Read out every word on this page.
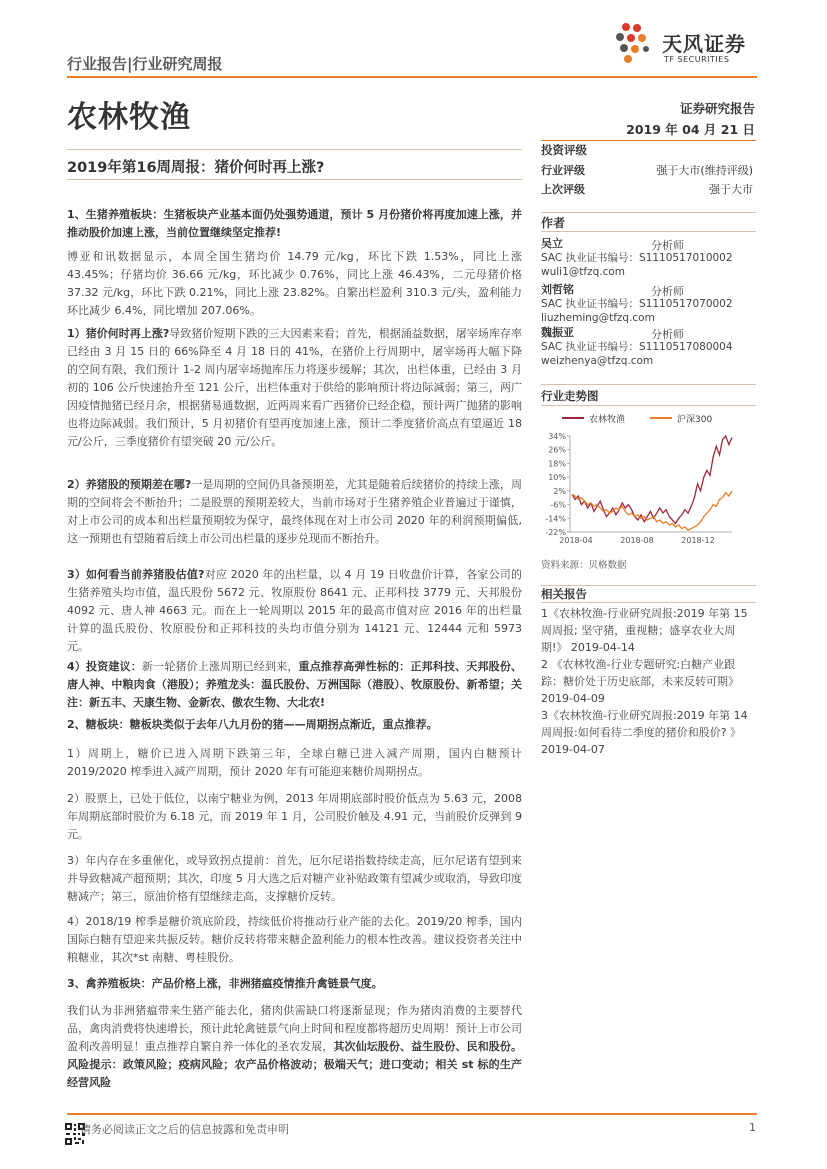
行业报告|行业研究周报
天风证券
TF SECURITIES
农林牧渔	证券研究报告
2019 年 04 月 21 日
2019年第16周周报：猪价何时再上涨?

1、生猪养殖板块：生猪板块产业基本面仍处强势通道，预计 5 月份猪价将再度加速上涨，并推动股价加速上涨，当前位置继续坚定推荐!

博亚和讯数据显示，本周全国生猪均价 14.79 元/kg，环比下跌 1.53%，同比上涨 43.45%；仔猪均价 36.66 元/kg，环比减少 0.76%，同比上涨 46.43%，二元母猪价格 37.32 元/kg，环比下跌 0.21%，同比上涨 23.82%。自繁出栏盈利 310.3 元/头，盈利能力环比减少 6.4%，同比增加 207.06%。

1）猪价何时再上涨?导致猪价短期下跌的三大因素来看；首先，根据涌益数据，屠宰场库存率已经由 3 月 15 日的 66%降至 4 月 18 日的 41%，在猪价上行周期中，屠宰场再大幅下降的空间有限，我们预计 1-2 周内屠宰场抛库压力将逐步缓解；其次，出栏体重，已经由 3 月初的 106 公斤快速抬升至 121 公斤，出栏体重对于供给的影响预计将边际减弱；第三，两广因疫情抛猪已经月余，根据猪易通数据，近两周来看广西猪价已经企稳，预计两广抛猪的影响也将边际减弱。我们预计，5 月初猪价有望再度加速上涨，预计二季度猪价高点有望逼近 18 元/公斤，三季度猪价有望突破 20 元/公斤。

2）养猪股的预期差在哪?一是周期的空间仍具备预期差，尤其是随着后续猪价的持续上涨，周期的空间将会不断抬升；二是股票的预期差较大，当前市场对于生猪养殖企业普遍过于谨慎，对上市公司的成本和出栏量预期较为保守，最终体现在对上市公司 2020 年的利润预期偏低,这一预期也有望随着后续上市公司出栏量的逐步兑现而不断抬升。

3）如何看当前养猪股估值?对应 2020 年的出栏量，以 4 月 19 日收盘价计算，各家公司的生猪养殖头均市值，温氏股份 5672 元、牧原股份 8641 元、正邦科技 3779 元、天邦股份 4092 元、唐人神 4663 元。而在上一轮周期以 2015 年的最高市值对应 2016 年的出栏量计算的温氏股份、牧原股份和正邦科技的头均市值分别为 14121 元、12444 元和 5973 元。

4）投资建议：新一轮猪价上涨周期已经到来，重点推荐高弹性标的：正邦科技、天邦股份、唐人神、中粮肉食（港股）；养殖龙头：温氏股份、万洲国际（港股）、牧原股份、新希望；关注：新五丰、天康生物、金新农、傲农生物、大北农!

2、糖板块：糖板块类似于去年八九月份的猪——周期拐点渐近，重点推荐。

1）周期上，糖价已进入周期下跌第三年，全球白糖已进入减产周期，国内白糖预计 2019/2020 榨季进入减产周期，预计 2020 年有可能迎来糖价周期拐点。

2）股票上，已处于低位，以南宁糖业为例，2013 年周期底部时股价低点为 5.63 元，2008 年周期底部时股价为 6.18 元，而 2019 年 1 月，公司股价触及 4.91 元，当前股价反弹到 9 元。

3）年内存在多重催化，或导致拐点提前：首先，厄尔尼诺指数持续走高，厄尔尼诺有望到来并导致糖减产超预期；其次，印度 5 月大选之后对糖产业补贴政策有望减少或取消，导致印度糖减产；第三，原油价格有望继续走高，支撑糖价反转。

4）2018/19 榨季是糖价筑底阶段，持续低价将推动行业产能的去化。2019/20 榨季，国内国际白糖有望迎来共振反转。糖价反转将带来糖企盈利能力的根本性改善。建议投资者关注中粮糖业，其次*st 南糖、粤桂股份。

3、禽养殖板块：产品价格上涨，非洲猪瘟疫情推升禽链景气度。

我们认为非洲猪瘟带来生猪产能去化，猪肉供需缺口将逐渐显现；作为猪肉消费的主要替代品，禽肉消费将快速增长，预计此轮禽链景气向上时间和程度都将超历史周期！预计上市公司盈利改善明显！重点推荐自繁自养一体化的圣农发展，其次仙坛股份、益生股份、民和股份。风险提示：政策风险；疫病风险；农产品价格波动；极端天气；进口变动；相关 st 标的生产经营风险

投资评级
行业评级	强于大市(维持评级)
上次评级	强于大市
作者
吴立	分析师
SAC 执业证书编号：S1110517010002
wuli1@tfzq.com
刘哲铭	分析师
SAC 执业证书编号：S1110517070002
liuzheming@tfzq.com
魏振亚	分析师
SAC 执业证书编号：S1110517080004
weizhenya@tfzq.com
行业走势图
农林牧渔	沪深300
34%
26%
18%
10%
2%
-6%
-14%
-22%
2018-04	2018-08	2018-12
资料来源：贝格数据
相关报告

1《农林牧渔-行业研究周报:2019 年第 15 周周报; 坚守猪，重视糖；盛享农业大周期!》 2019-04-14

2 《农林牧渔-行业专题研究:白糖产业跟踪：糖价处于历史底部，未来反转可期》 2019-04-09

3《农林牧渔-行业研究周报:2019 年第 14 周周报:如何看待二季度的猪价和股价? 》 2019-04-07

请务必阅读正文之后的信息披露和免责申明	1
